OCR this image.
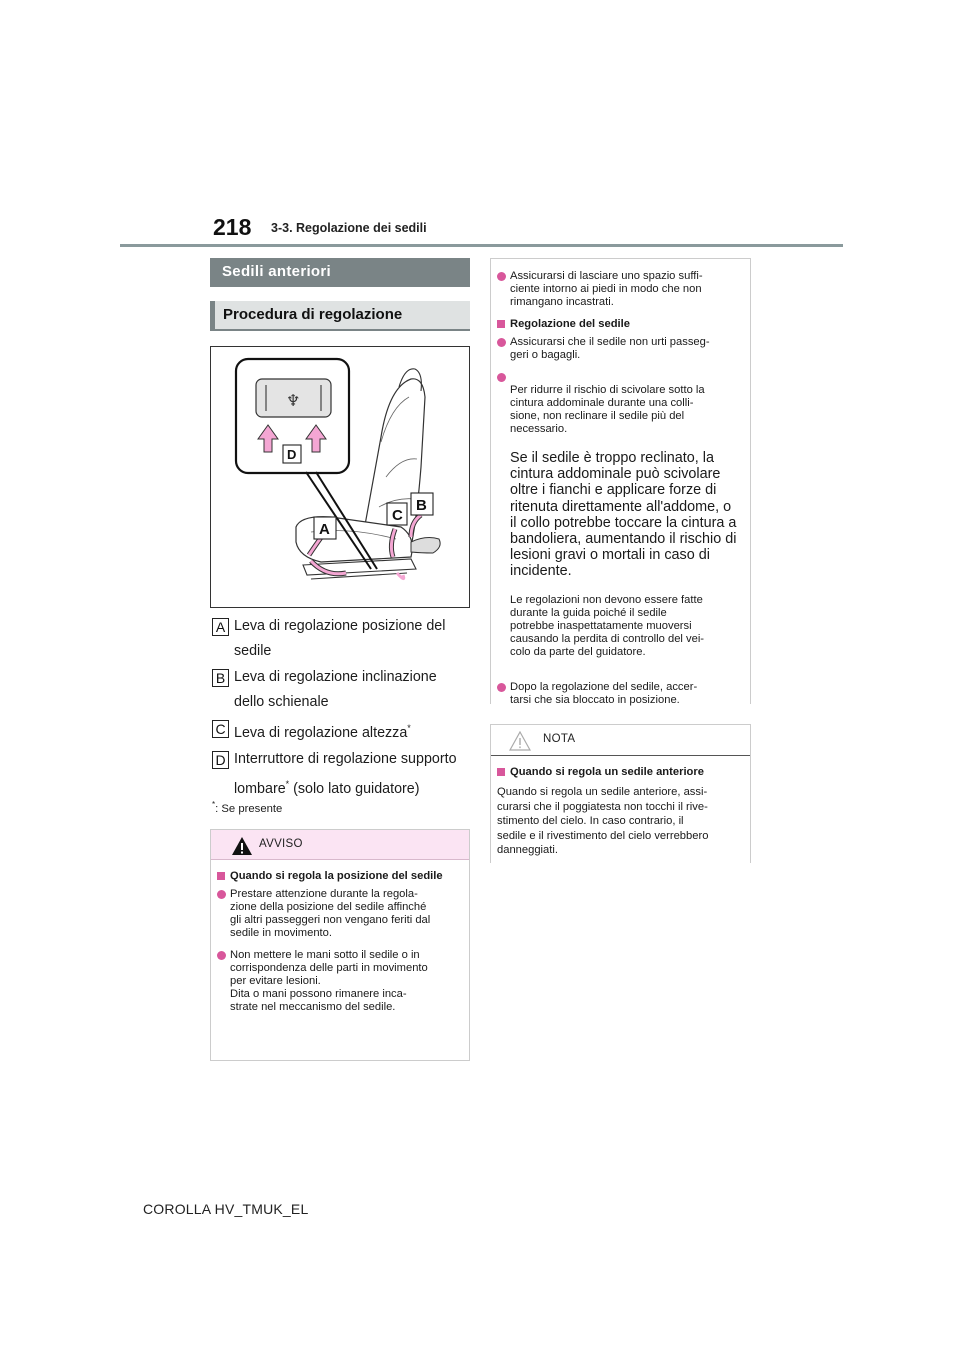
218 3-3. Regolazione dei sedili
Sedili anteriori
Procedura di regolazione
♆
D
A
C
B
A Leva di regolazione posizione del sedile
B Leva di regolazione inclinazione dello schienale
C Leva di regolazione altezza*
D Interruttore di regolazione supporto lombare* (solo lato guidatore)
*: Se presente
AVVISO
Quando si regola la posizione del sedile
Prestare attenzione durante la regola-
zione della posizione del sedile affinché
gli altri passeggeri non vengano feriti dal
sedile in movimento.
Non mettere le mani sotto il sedile o in
corrispondenza delle parti in movimento
per evitare lesioni.
Dita o mani possono rimanere inca-
strate nel meccanismo del sedile.
Assicurarsi di lasciare uno spazio suffi-
ciente intorno ai piedi in modo che non
rimangano incastrati.
Regolazione del sedile
Assicurarsi che il sedile non urti passeg-
geri o bagagli.

Per ridurre il rischio di scivolare sotto la
cintura addominale durante una colli-
sione, non reclinare il sedile più del
necessario.

Se il sedile è troppo reclinato, la
cintura addominale può scivolare
oltre i fianchi e applicare forze di
ritenuta direttamente all'addome, o
il collo potrebbe toccare la cintura a
bandoliera, aumentando il rischio di
lesioni gravi o mortali in caso di
incidente.

Le regolazioni non devono essere fatte
durante la guida poiché il sedile
potrebbe inaspettatamente muoversi
causando la perdita di controllo del vei-
colo da parte del guidatore.

Dopo la regolazione del sedile, accer-
tarsi che sia bloccato in posizione.
NOTA
Quando si regola un sedile anteriore
Quando si regola un sedile anteriore, assi-
curarsi che il poggiatesta non tocchi il rive-
stimento del cielo. In caso contrario, il
sedile e il rivestimento del cielo verrebbero
danneggiati.
COROLLA HV_TMUK_EL
